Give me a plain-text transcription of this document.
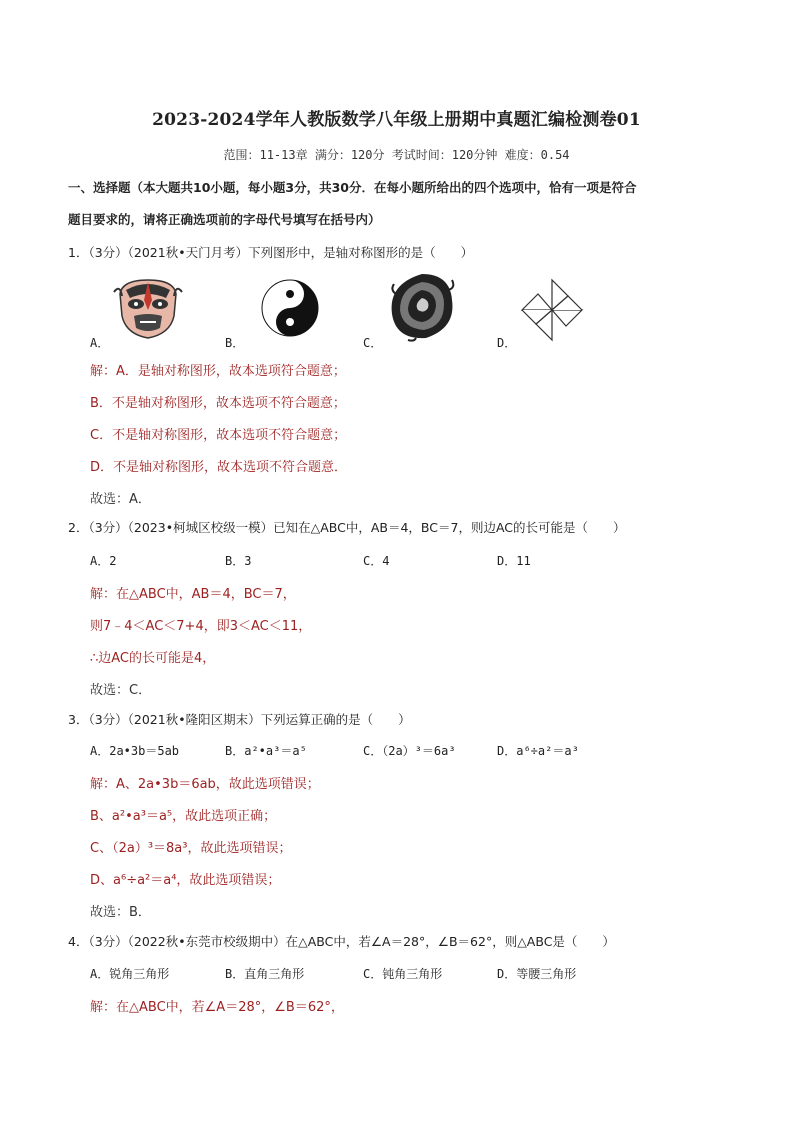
2023-2024学年人教版数学八年级上册期中真题汇编检测卷01
范围：11-13章 满分：120分 考试时间：120分钟 难度：0.54
一、选择题（本大题共10小题，每小题3分，共30分．在每小题所给出的四个选项中，恰有一项是符合
题目要求的，请将正确选项前的字母代号填写在括号内）
1．（3分）（2021秋•天门月考）下列图形中，是轴对称图形的是（　　）
A．	B．	C．	D．
解：A．是轴对称图形，故本选项符合题意；
B．不是轴对称图形，故本选项不符合题意；
C．不是轴对称图形，故本选项不符合题意；
D．不是轴对称图形，故本选项不符合题意．
故选：A．
2．（3分）（2023•柯城区校级一模）已知在△ABC中，AB＝4，BC＝7，则边AC的长可能是（　　）
A．2	B．3	C．4	D．11
解：在△ABC中，AB＝4，BC＝7，
则7﹣4＜AC＜7+4，即3＜AC＜11，
∴边AC的长可能是4，
故选：C．
3．（3分）（2021秋•隆阳区期末）下列运算正确的是（　　）
A．2a•3b＝5ab	B．a²•a³＝a⁵	C．（2a）³＝6a³	D．a⁶÷a²＝a³
解：A、2a•3b＝6ab，故此选项错误；
B、a²•a³＝a⁵，故此选项正确；
C、（2a）³＝8a³，故此选项错误；
D、a⁶÷a²＝a⁴，故此选项错误；
故选：B．
4．（3分）（2022秋•东莞市校级期中）在△ABC中，若∠A＝28°，∠B＝62°，则△ABC是（　　）
A．锐角三角形	B．直角三角形	C．钝角三角形	D．等腰三角形
解：在△ABC中，若∠A＝28°，∠B＝62°，
